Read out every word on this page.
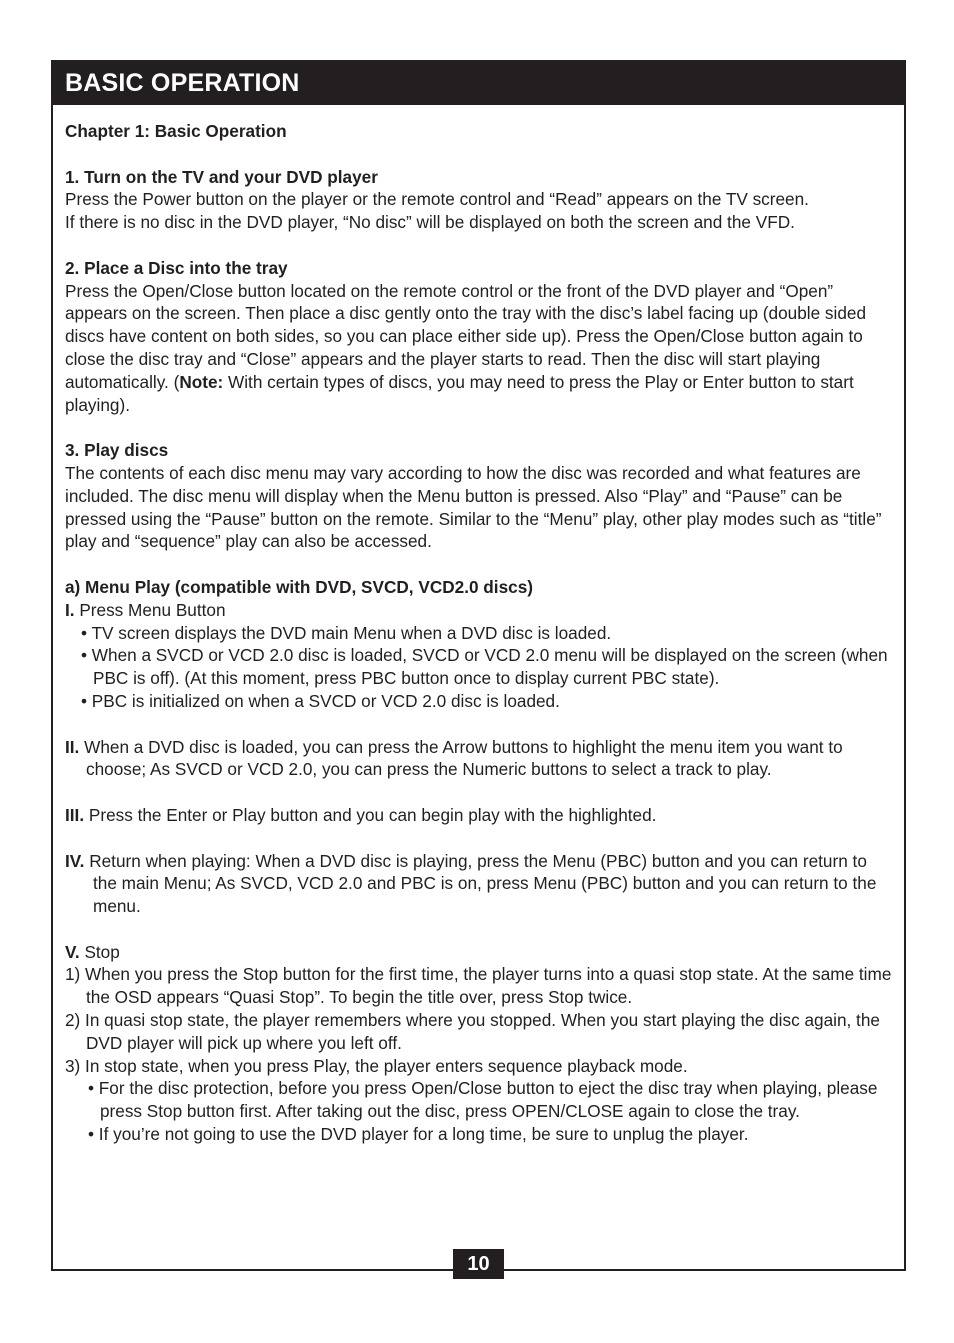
BASIC OPERATION

Chapter 1: Basic Operation

1. Turn on the TV and your DVD player

Press the Power button on the player or the remote control and “Read” appears on the TV screen.

If there is no disc in the DVD player, “No disc” will be displayed on both the screen and the VFD.

2. Place a Disc into the tray

Press the Open/Close button located on the remote control or the front of the DVD player and “Open” appears on the screen. Then place a disc gently onto the tray with the disc’s label facing up (double sided discs have content on both sides, so you can place either side up). Press the Open/Close button again to close the disc tray and “Close” appears and the player starts to read. Then the disc will start playing automatically. (Note: With certain types of discs, you may need to press the Play or Enter button to start playing).

3. Play discs

The contents of each disc menu may vary according to how the disc was recorded and what features are included. The disc menu will display when the Menu button is pressed. Also “Play” and “Pause” can be pressed using the “Pause” button on the remote. Similar to the “Menu” play, other play modes such as “title” play and “sequence” play can also be accessed.

a) Menu Play (compatible with DVD, SVCD, VCD2.0 discs)

I. Press Menu Button

• TV screen displays the DVD main Menu when a DVD disc is loaded.

• When a SVCD or VCD 2.0 disc is loaded, SVCD or VCD 2.0 menu will be displayed on the screen (when PBC is off). (At this moment, press PBC button once to display current PBC state).

• PBC is initialized on when a SVCD or VCD 2.0 disc is loaded.

II. When a DVD disc is loaded, you can press the Arrow buttons to highlight the menu item you want to choose; As SVCD or VCD 2.0, you can press the Numeric buttons to select a track to play.

III. Press the Enter or Play button and you can begin play with the highlighted.

IV. Return when playing: When a DVD disc is playing, press the Menu (PBC) button and you can return to the main Menu; As SVCD, VCD 2.0 and PBC is on, press Menu (PBC) button and you can return to the menu.

V. Stop

1) When you press the Stop button for the first time, the player turns into a quasi stop state. At the same time the OSD appears “Quasi Stop”. To begin the title over, press Stop twice.

2) In quasi stop state, the player remembers where you stopped. When you start playing the disc again, the DVD player will pick up where you left off.

3) In stop state, when you press Play, the player enters sequence playback mode.

• For the disc protection, before you press Open/Close button to eject the disc tray when playing, please press Stop button first. After taking out the disc, press OPEN/CLOSE again to close the tray.

• If you’re not going to use the DVD player for a long time, be sure to unplug the player.

10
